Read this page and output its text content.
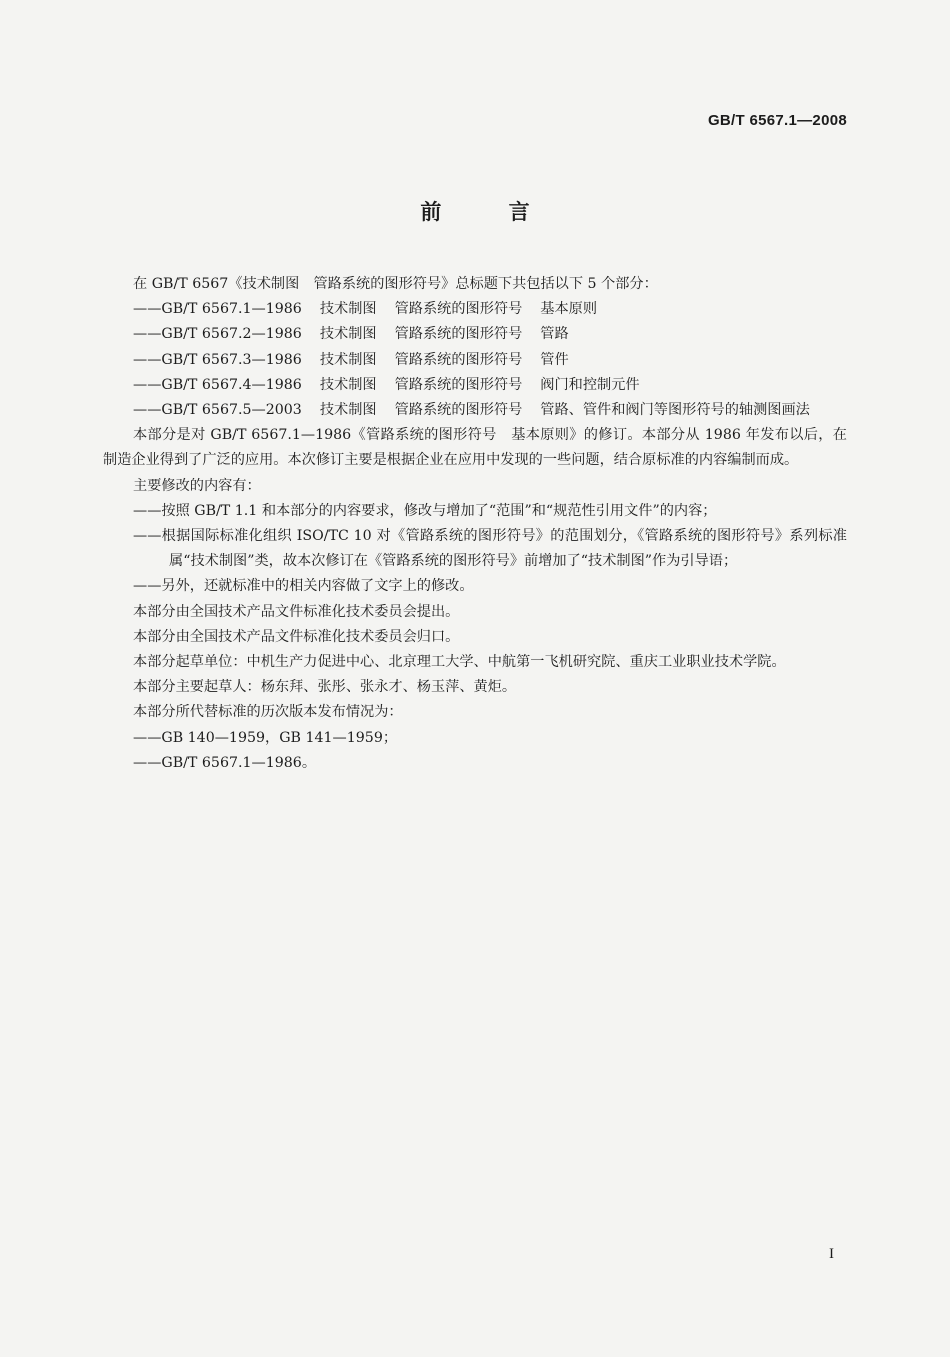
GB/T 6567.1—2008
前 言

在 GB/T 6567《技术制图　管路系统的图形符号》总标题下共包括以下 5 个部分：

——GB/T 6567.1—1986 技术制图 管路系统的图形符号 基本原则

——GB/T 6567.2—1986 技术制图 管路系统的图形符号 管路

——GB/T 6567.3—1986 技术制图 管路系统的图形符号 管件

——GB/T 6567.4—1986 技术制图 管路系统的图形符号 阀门和控制元件

——GB/T 6567.5—2003 技术制图 管路系统的图形符号 管路、管件和阀门等图形符号的轴测图画法

本部分是对 GB/T 6567.1—1986《管路系统的图形符号　基本原则》的修订。本部分从 1986 年发布以后，在制造企业得到了广泛的应用。本次修订主要是根据企业在应用中发现的一些问题，结合原标准的内容编制而成。

主要修改的内容有：

——按照 GB/T 1.1 和本部分的内容要求，修改与增加了“范围”和“规范性引用文件”的内容；

——根据国际标准化组织 ISO/TC 10 对《管路系统的图形符号》的范围划分，《管路系统的图形符号》系列标准属“技术制图”类，故本次修订在《管路系统的图形符号》前增加了“技术制图”作为引导语；

——另外，还就标准中的相关内容做了文字上的修改。

本部分由全国技术产品文件标准化技术委员会提出。

本部分由全国技术产品文件标准化技术委员会归口。

本部分起草单位：中机生产力促进中心、北京理工大学、中航第一飞机研究院、重庆工业职业技术学院。

本部分主要起草人：杨东拜、张彤、张永才、杨玉萍、黄炬。

本部分所代替标准的历次版本发布情况为：

——GB 140—1959，GB 141—1959；

——GB/T 6567.1—1986。

I
